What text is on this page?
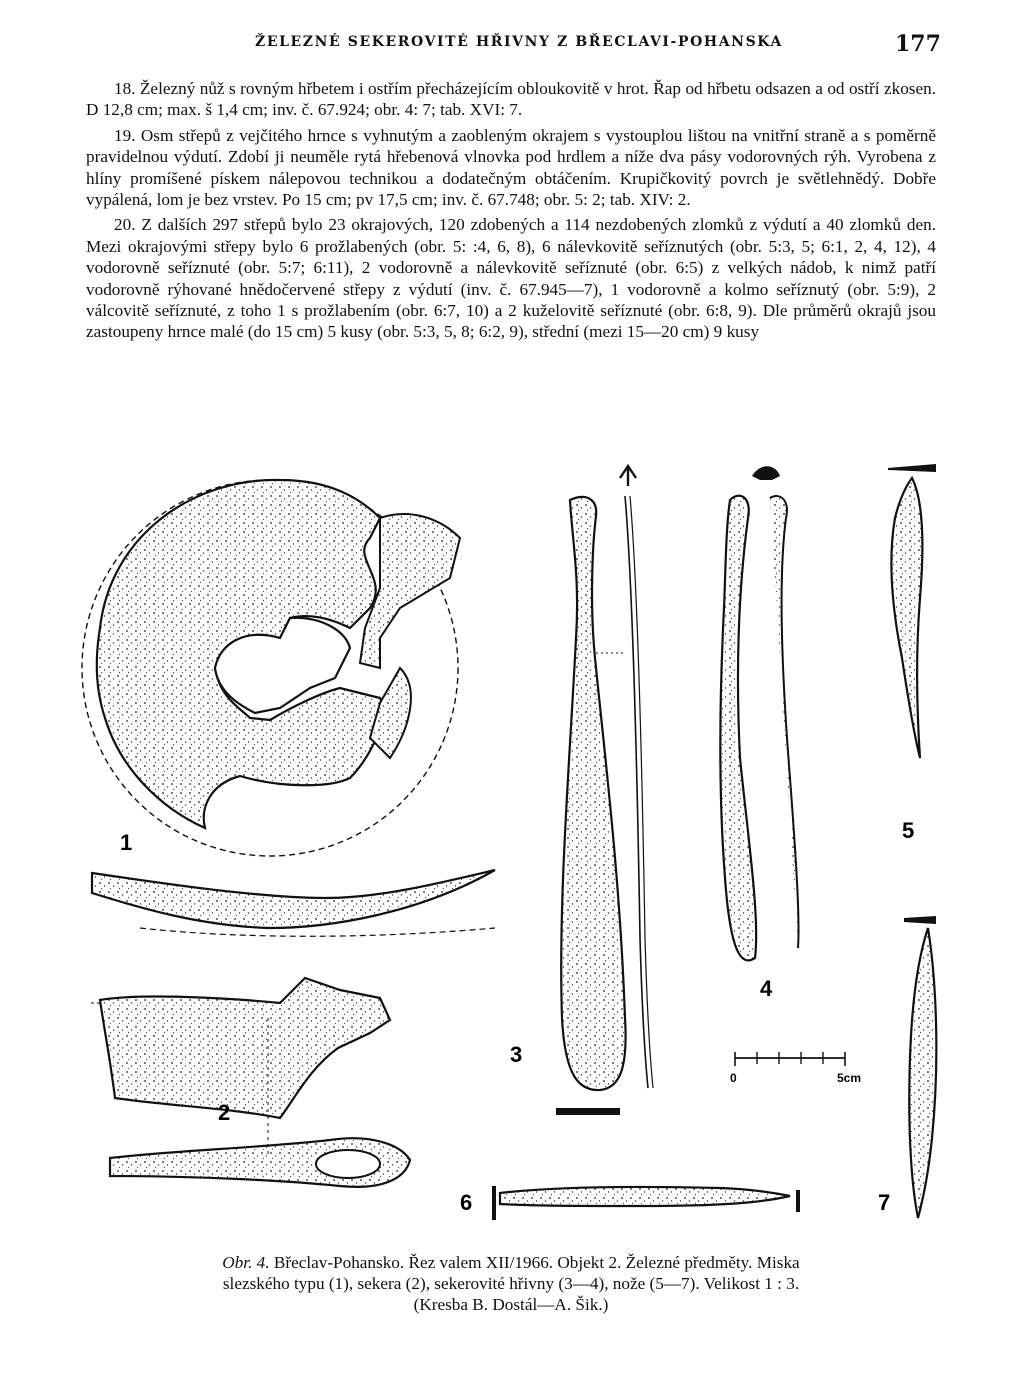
ŽELEZNÉ SEKEROVITÉ HŘIVNY Z BŘECLAVI-POHANSKA	177

18. Železný nůž s rovným hřbetem i ostřím přecházejícím obloukovitě v hrot. Řap od hřbetu odsazen a od ostří zkosen. D 12,8 cm; max. š 1,4 cm; inv. č. 67.924; obr. 4: 7; tab. XVI: 7.

19. Osm střepů z vejčitého hrnce s vyhnutým a zaobleným okrajem s vystouplou lištou na vnitřní straně a s poměrně pravidelnou výdutí. Zdobí ji neuměle rytá hřebenová vlnovka pod hrdlem a níže dva pásy vodorovných rýh. Vyrobena z hlíny promíšené pískem nálepovou technikou a dodatečným obtáčením. Krupičkovitý povrch je světlehnědý. Dobře vypálená, lom je bez vrstev. Po 15 cm; pv 17,5 cm; inv. č. 67.748; obr. 5: 2; tab. XIV: 2.

20. Z dalších 297 střepů bylo 23 okrajových, 120 zdobených a 114 nezdobených zlomků z výdutí a 40 zlomků den. Mezi okrajovými střepy bylo 6 prožlabených (obr. 5: :4, 6, 8), 6 nálevkovitě seříznutých (obr. 5:3, 5; 6:1, 2, 4, 12), 4 vodorovně seříznuté (obr. 5:7; 6:11), 2 vodorovně a nálevkovitě seříznuté (obr. 6:5) z velkých nádob, k nimž patří vodorovně rýhované hnědočervené střepy z výdutí (inv. č. 67.945—7), 1 vodorovně a kolmo seříznutý (obr. 5:9), 2 válcovitě seříznuté, z toho 1 s prožlabením (obr. 6:7, 10) a 2 kuželovitě seříznuté (obr. 6:8, 9). Dle průměrů okrajů jsou zastoupeny hrnce malé (do 15 cm) 5 kusy (obr. 5:3, 5, 8; 6:2, 9), střední (mezi 15—20 cm) 9 kusy

0	5cm
1
2
3
4
5
6	7
Obr. 4. Břeclav-Pohansko. Řez valem XII/1966. Objekt 2. Železné předměty. Miska
slezského typu (1), sekera (2), sekerovité hřivny (3—4), nože (5—7). Velikost 1 : 3.
(Kresba B. Dostál—A. Šik.)
